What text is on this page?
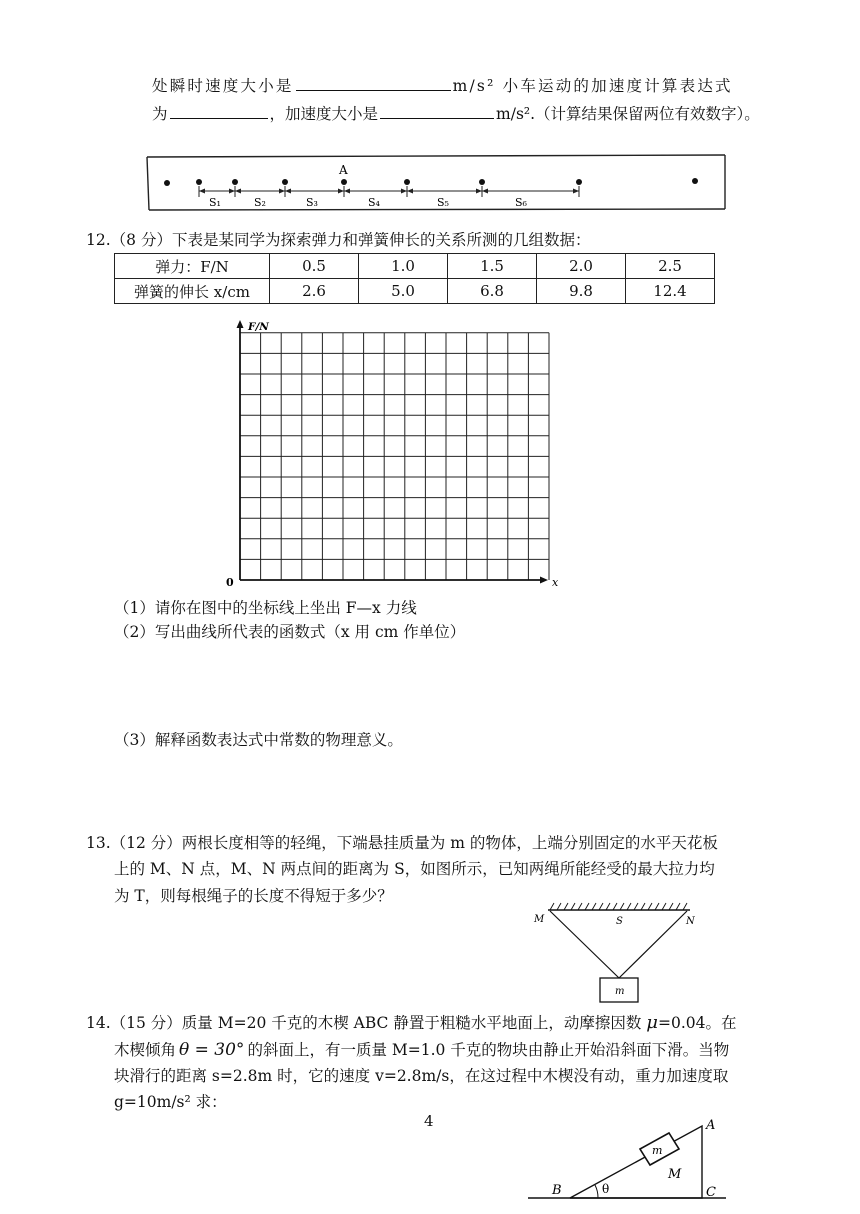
处瞬时速度大小是	m/s² 小车运动的加速度计算表达式
为	，加速度大小是	m/s².（计算结果保留两位有效数字）。
A
S₁	S₂	S₃	S₄	S₅	S₆
12.（8 分）下表是某同学为探索弹力和弹簧伸长的关系所测的几组数据：
弹力：F/N	0.5	1.0	1.5	2.0	2.5
弹簧的伸长 x/cm	2.6	5.0	6.8	9.8	12.4
F/N
x
0
（1）请你在图中的坐标线上坐出 F—x 力线
（2）写出曲线所代表的函数式（x 用 cm 作单位）
（3）解释函数表达式中常数的物理意义。
13.（12 分）两根长度相等的轻绳，下端悬挂质量为 m 的物体，上端分别固定的水平天花板
上的 M、N 点，M、N 两点间的距离为 S，如图所示，已知两绳所能经受的最大拉力均
为 T，则每根绳子的长度不得短于多少？
M	N
S
m
14.（15 分）质量 M=20 千克的木楔 ABC 静置于粗糙水平地面上，动摩擦因数 μ=0.04。在
木楔倾角 θ = 30° 的斜面上，有一质量 M=1.0 千克的物块由静止开始沿斜面下滑。当物
块滑行的距离 s=2.8m 时，它的速度 v=2.8m/s，在这过程中木楔没有动，重力加速度取
g=10m/s² 求：
4	A
B	C
M
m
θ
